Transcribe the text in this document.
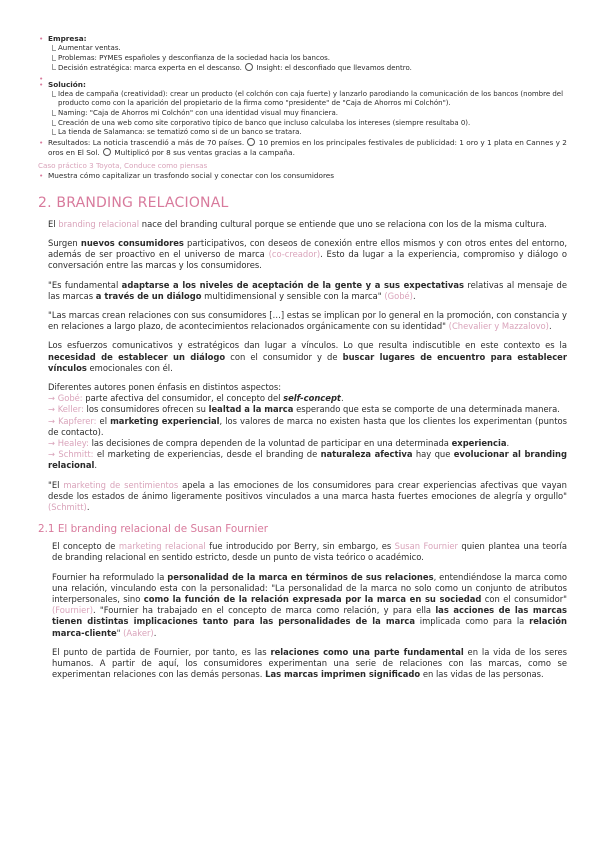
• Empresa:
Aumentar ventas.
Problemas: PYMES españoles y desconfianza de la sociedad hacia los bancos.
Decisión estratégica: marca experta en el descanso. Insight: el desconfiado que llevamos dentro.
•
• Solución:
Idea de campaña (creatividad): crear un producto (el colchón con caja fuerte) y lanzarlo parodiando la comunicación de los bancos (nombre del producto como con la aparición del propietario de la firma como "presidente" de "Caja de Ahorros mi Colchón").
Naming: "Caja de Ahorros mi Colchón" con una identidad visual muy financiera.
Creación de una web como site corporativo típico de banco que incluso calculaba los intereses (siempre resultaba 0).
La tienda de Salamanca: se tematizó como si de un banco se tratara.
• Resultados: La noticia trascendió a más de 70 países. 10 premios en los principales festivales de publicidad: 1 oro y 1 plata en Cannes y 2 oros en El Sol. Multiplicó por 8 sus ventas gracias a la campaña.
Caso práctico 3 Toyota, Conduce como piensas
• Muestra cómo capitalizar un trasfondo social y conectar con los consumidores
2. BRANDING RELACIONAL

El branding relacional nace del branding cultural porque se entiende que uno se relaciona con los de la misma cultura.

Surgen nuevos consumidores participativos, con deseos de conexión entre ellos mismos y con otros entes del entorno, además de ser proactivo en el universo de marca (co-creador). Esto da lugar a la experiencia, compromiso y diálogo o conversación entre las marcas y los consumidores.

"Es fundamental adaptarse a los niveles de aceptación de la gente y a sus expectativas relativas al mensaje de las marcas a través de un diálogo multidimensional y sensible con la marca" (Gobé).

"Las marcas crean relaciones con sus consumidores […] estas se implican por lo general en la promoción, con constancia y en relaciones a largo plazo, de acontecimientos relacionados orgánicamente con su identidad" (Chevalier y Mazzalovo).

Los esfuerzos comunicativos y estratégicos dan lugar a vínculos. Lo que resulta indiscutible en este contexto es la necesidad de establecer un diálogo con el consumidor y de buscar lugares de encuentro para establecer vínculos emocionales con él.

Diferentes autores ponen énfasis en distintos aspectos:
→ Gobé: parte afectiva del consumidor, el concepto del self-concept.
→ Keller: los consumidores ofrecen su lealtad a la marca esperando que esta se comporte de una determinada manera.
→ Kapferer: el marketing experiencial, los valores de marca no existen hasta que los clientes los experimentan (puntos de contacto).
→ Healey: las decisiones de compra dependen de la voluntad de participar en una determinada experiencia.
→ Schmitt: el marketing de experiencias, desde el branding de naturaleza afectiva hay que evolucionar al branding relacional.

"El marketing de sentimientos apela a las emociones de los consumidores para crear experiencias afectivas que vayan desde los estados de ánimo ligeramente positivos vinculados a una marca hasta fuertes emociones de alegría y orgullo" (Schmitt).

2.1 El branding relacional de Susan Fournier

El concepto de marketing relacional fue introducido por Berry, sin embargo, es Susan Fournier quien plantea una teoría de branding relacional en sentido estricto, desde un punto de vista teórico o académico.

Fournier ha reformulado la personalidad de la marca en términos de sus relaciones, entendiéndose la marca como una relación, vinculando esta con la personalidad: "La personalidad de la marca no solo como un conjunto de atributos interpersonales, sino como la función de la relación expresada por la marca en su sociedad con el consumidor" (Fournier). "Fournier ha trabajado en el concepto de marca como relación, y para ella las acciones de las marcas tienen distintas implicaciones tanto para las personalidades de la marca implicada como para la relación marca-cliente" (Aaker).

El punto de partida de Fournier, por tanto, es las relaciones como una parte fundamental en la vida de los seres humanos. A partir de aquí, los consumidores experimentan una serie de relaciones con las marcas, como se experimentan relaciones con las demás personas. Las marcas imprimen significado en las vidas de las personas.
